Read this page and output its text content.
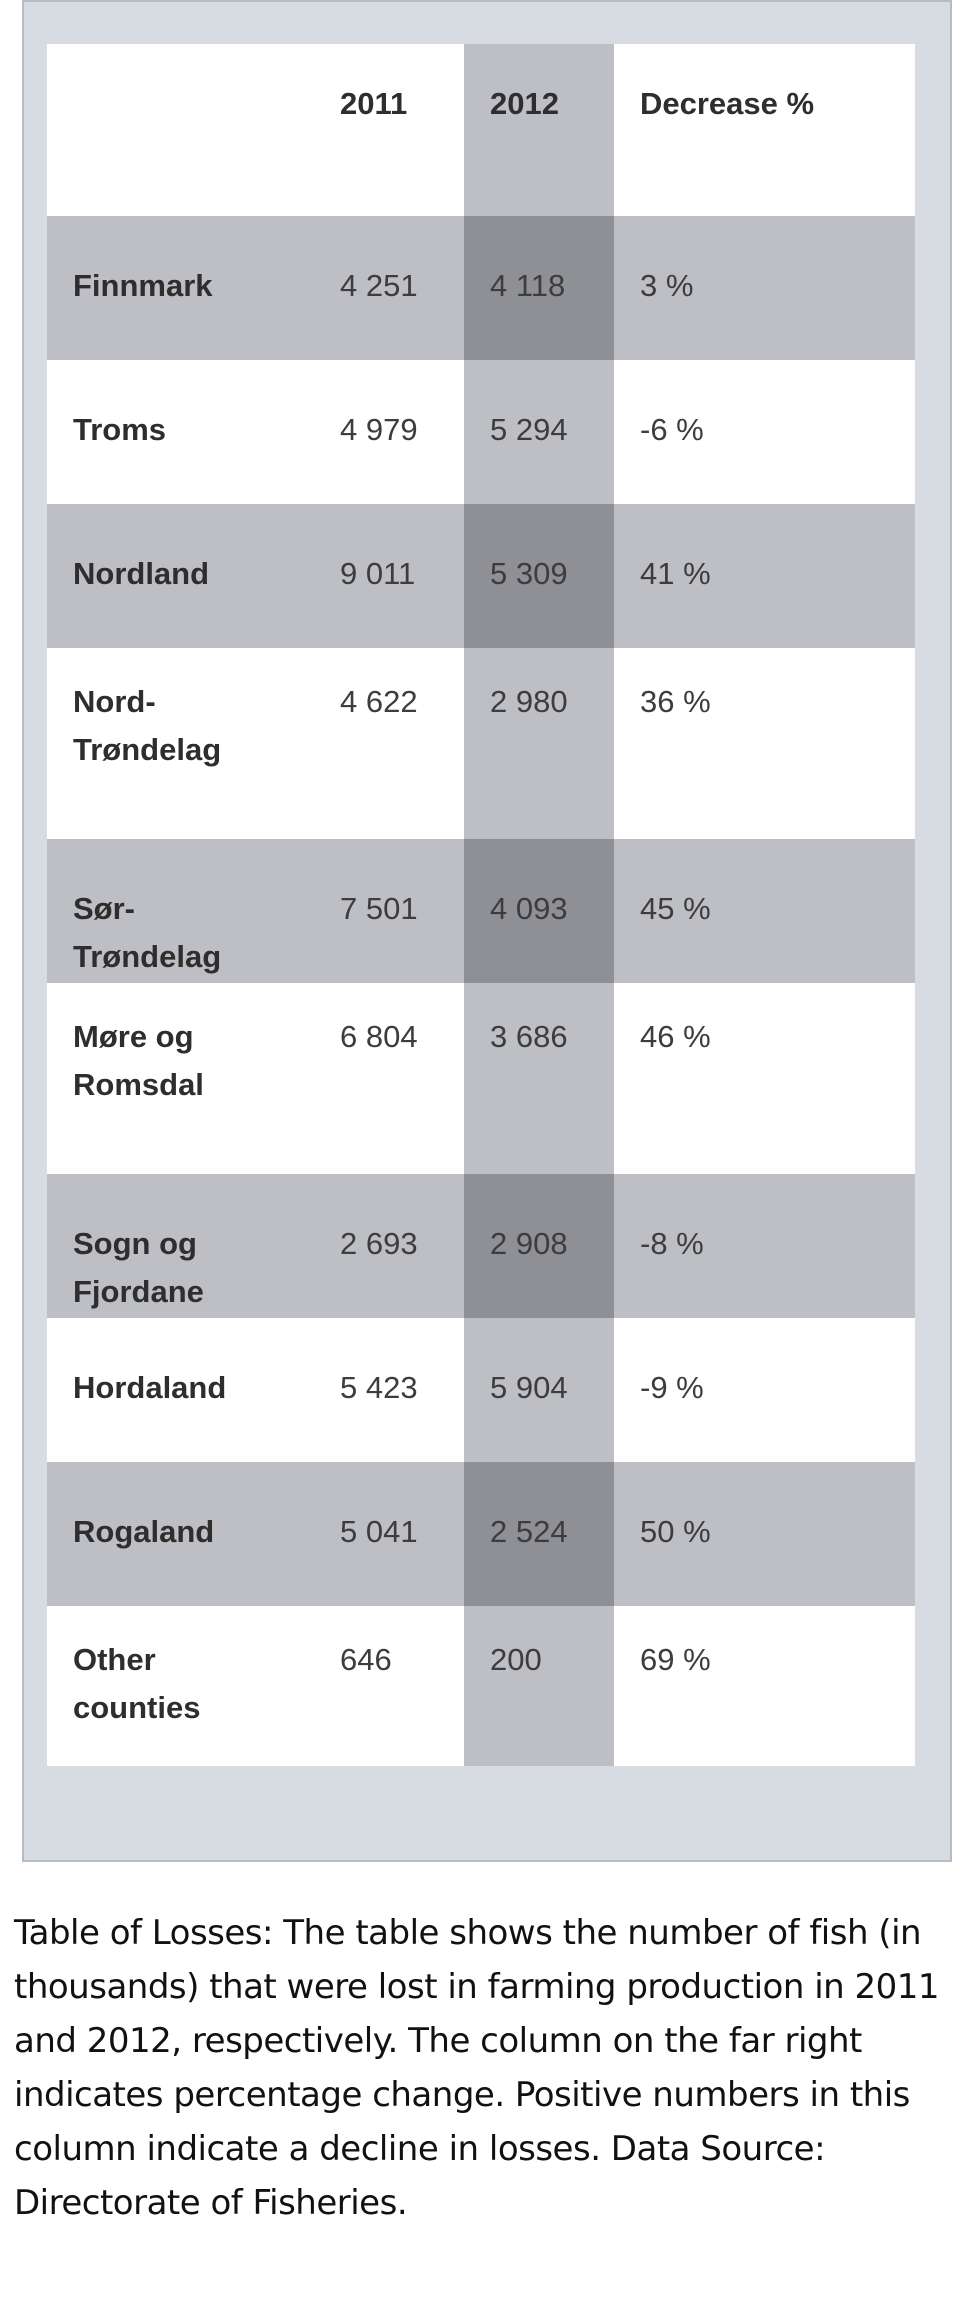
	2011	2012	Decrease %
Finnmark	4 251	4 118	3 %
Troms	4 979	5 294	-6 %
Nordland	9 011	5 309	41 %
Nord-Trøndelag	4 622	2 980	36 %
Sør-Trøndelag	7 501	4 093	45 %
Møre og Romsdal	6 804	3 686	46 %
Sogn og Fjordane	2 693	2 908	-8 %
Hordaland	5 423	5 904	-9 %
Rogaland	5 041	2 524	50 %
Other counties	646	200	69 %
Table of Losses: The table shows the number of fish (in thousands) that were lost in farming production in 2011 and 2012, respectively. The column on the far right indicates percentage change. Positive numbers in this column indicate a decline in losses. Data Source: Directorate of Fisheries.
